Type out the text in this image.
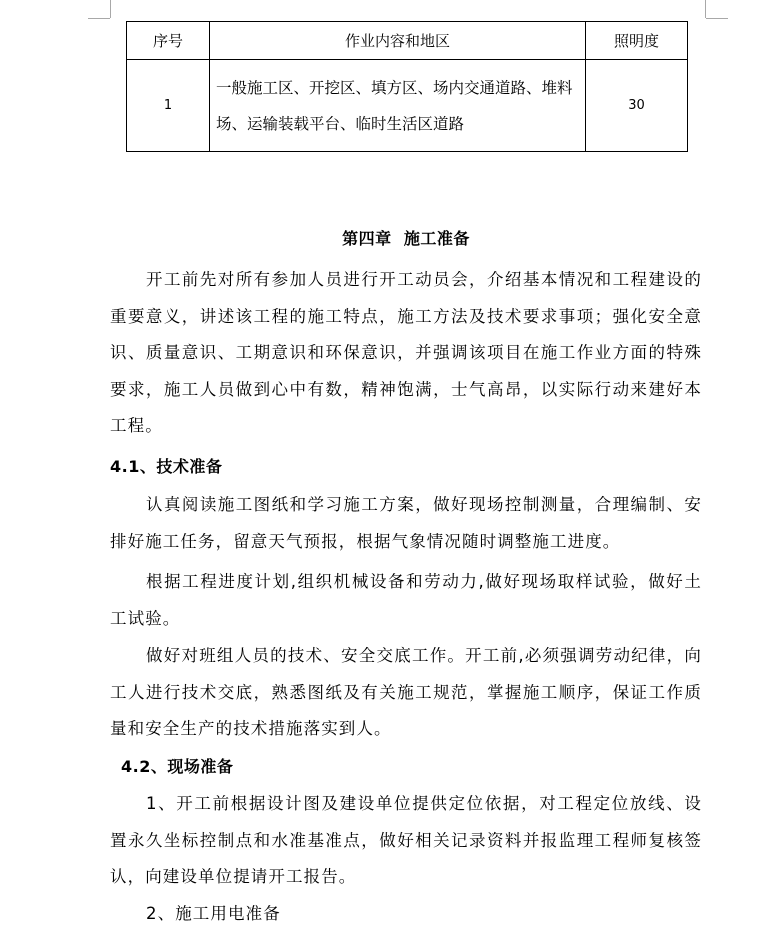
序号	作业内容和地区	照明度
1	一般施工区、开挖区、填方区、场内交通道路、堆料场、运输装载平台、临时生活区道路	30
第四章  施工准备
开工前先对所有参加人员进行开工动员会，介绍基本情况和工程建设的重要意义，讲述该工程的施工特点，施工方法及技术要求事项；强化安全意识、质量意识、工期意识和环保意识，并强调该项目在施工作业方面的特殊要求，施工人员做到心中有数，精神饱满，士气高昂，以实际行动来建好本工程。
4.1、技术准备
认真阅读施工图纸和学习施工方案，做好现场控制测量，合理编制、安排好施工任务，留意天气预报，根据气象情况随时调整施工进度。
根据工程进度计划,组织机械设备和劳动力,做好现场取样试验，做好土工试验。
做好对班组人员的技术、安全交底工作。开工前,必须强调劳动纪律，向工人进行技术交底，熟悉图纸及有关施工规范，掌握施工顺序，保证工作质量和安全生产的技术措施落实到人。
4.2、现场准备
1、开工前根据设计图及建设单位提供定位依据，对工程定位放线、设置永久坐标控制点和水准基准点，做好相关记录资料并报监理工程师复核签认，向建设单位提请开工报告。
2、施工用电准备
